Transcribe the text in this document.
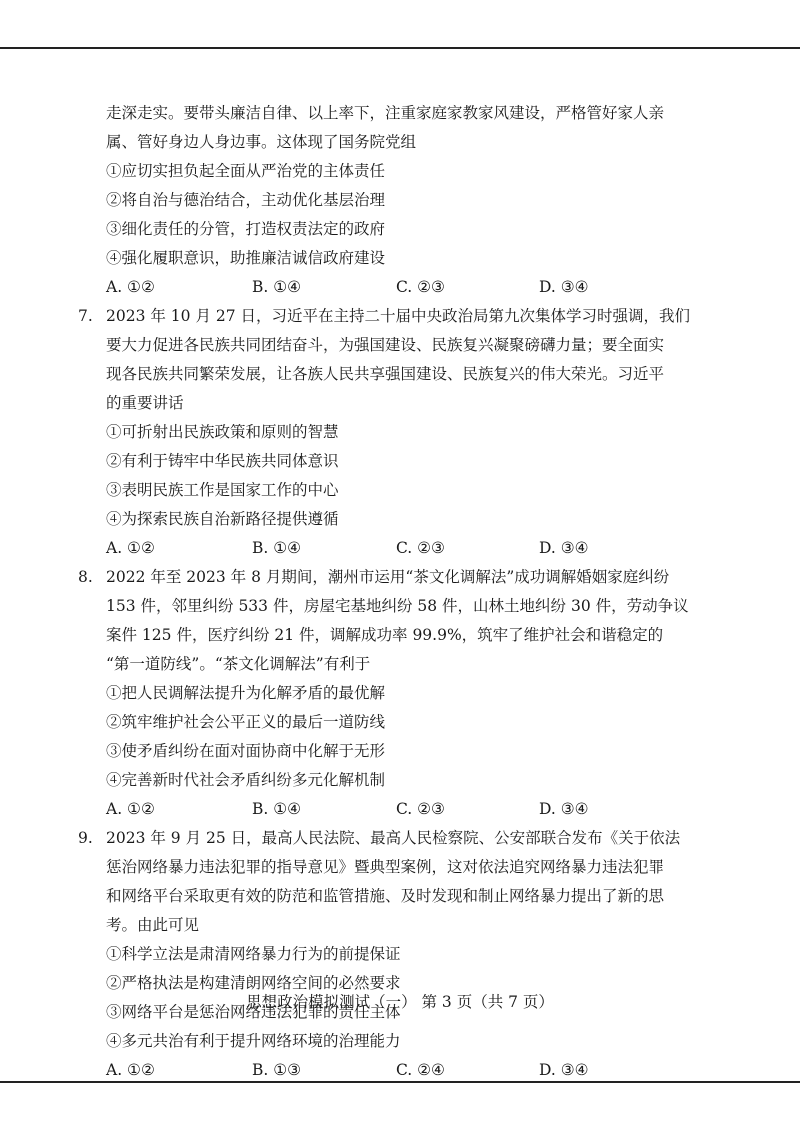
走深走实。要带头廉洁自律、以上率下，注重家庭家教家风建设，严格管好家人亲
属、管好身边人身边事。这体现了国务院党组
①应切实担负起全面从严治党的主体责任
②将自治与德治结合，主动优化基层治理
③细化责任的分管，打造权责法定的政府
④强化履职意识，助推廉洁诚信政府建设
A. ①②	B. ①④	C. ②③	D. ③④
7. 2023 年 10 月 27 日，习近平在主持二十届中央政治局第九次集体学习时强调，我们
要大力促进各民族共同团结奋斗，为强国建设、民族复兴凝聚磅礴力量；要全面实
现各民族共同繁荣发展，让各族人民共享强国建设、民族复兴的伟大荣光。习近平
的重要讲话
①可折射出民族政策和原则的智慧
②有利于铸牢中华民族共同体意识
③表明民族工作是国家工作的中心
④为探索民族自治新路径提供遵循
A. ①②	B. ①④	C. ②③	D. ③④
8. 2022 年至 2023 年 8 月期间，潮州市运用“茶文化调解法”成功调解婚姻家庭纠纷
153 件，邻里纠纷 533 件，房屋宅基地纠纷 58 件，山林土地纠纷 30 件，劳动争议
案件 125 件，医疗纠纷 21 件，调解成功率 99.9%，筑牢了维护社会和谐稳定的
“第一道防线”。“茶文化调解法”有利于
①把人民调解法提升为化解矛盾的最优解
②筑牢维护社会公平正义的最后一道防线
③使矛盾纠纷在面对面协商中化解于无形
④完善新时代社会矛盾纠纷多元化解机制
A. ①②	B. ①④	C. ②③	D. ③④
9. 2023 年 9 月 25 日，最高人民法院、最高人民检察院、公安部联合发布《关于依法
惩治网络暴力违法犯罪的指导意见》暨典型案例，这对依法追究网络暴力违法犯罪
和网络平台采取更有效的防范和监管措施、及时发现和制止网络暴力提出了新的思
考。由此可见
①科学立法是肃清网络暴力行为的前提保证
②严格执法是构建清朗网络空间的必然要求
③网络平台是惩治网络违法犯罪的责任主体
④多元共治有利于提升网络环境的治理能力
A. ①②	B. ①③	C. ②④	D. ③④
思想政治模拟测试（一） 第 3 页（共 7 页）
